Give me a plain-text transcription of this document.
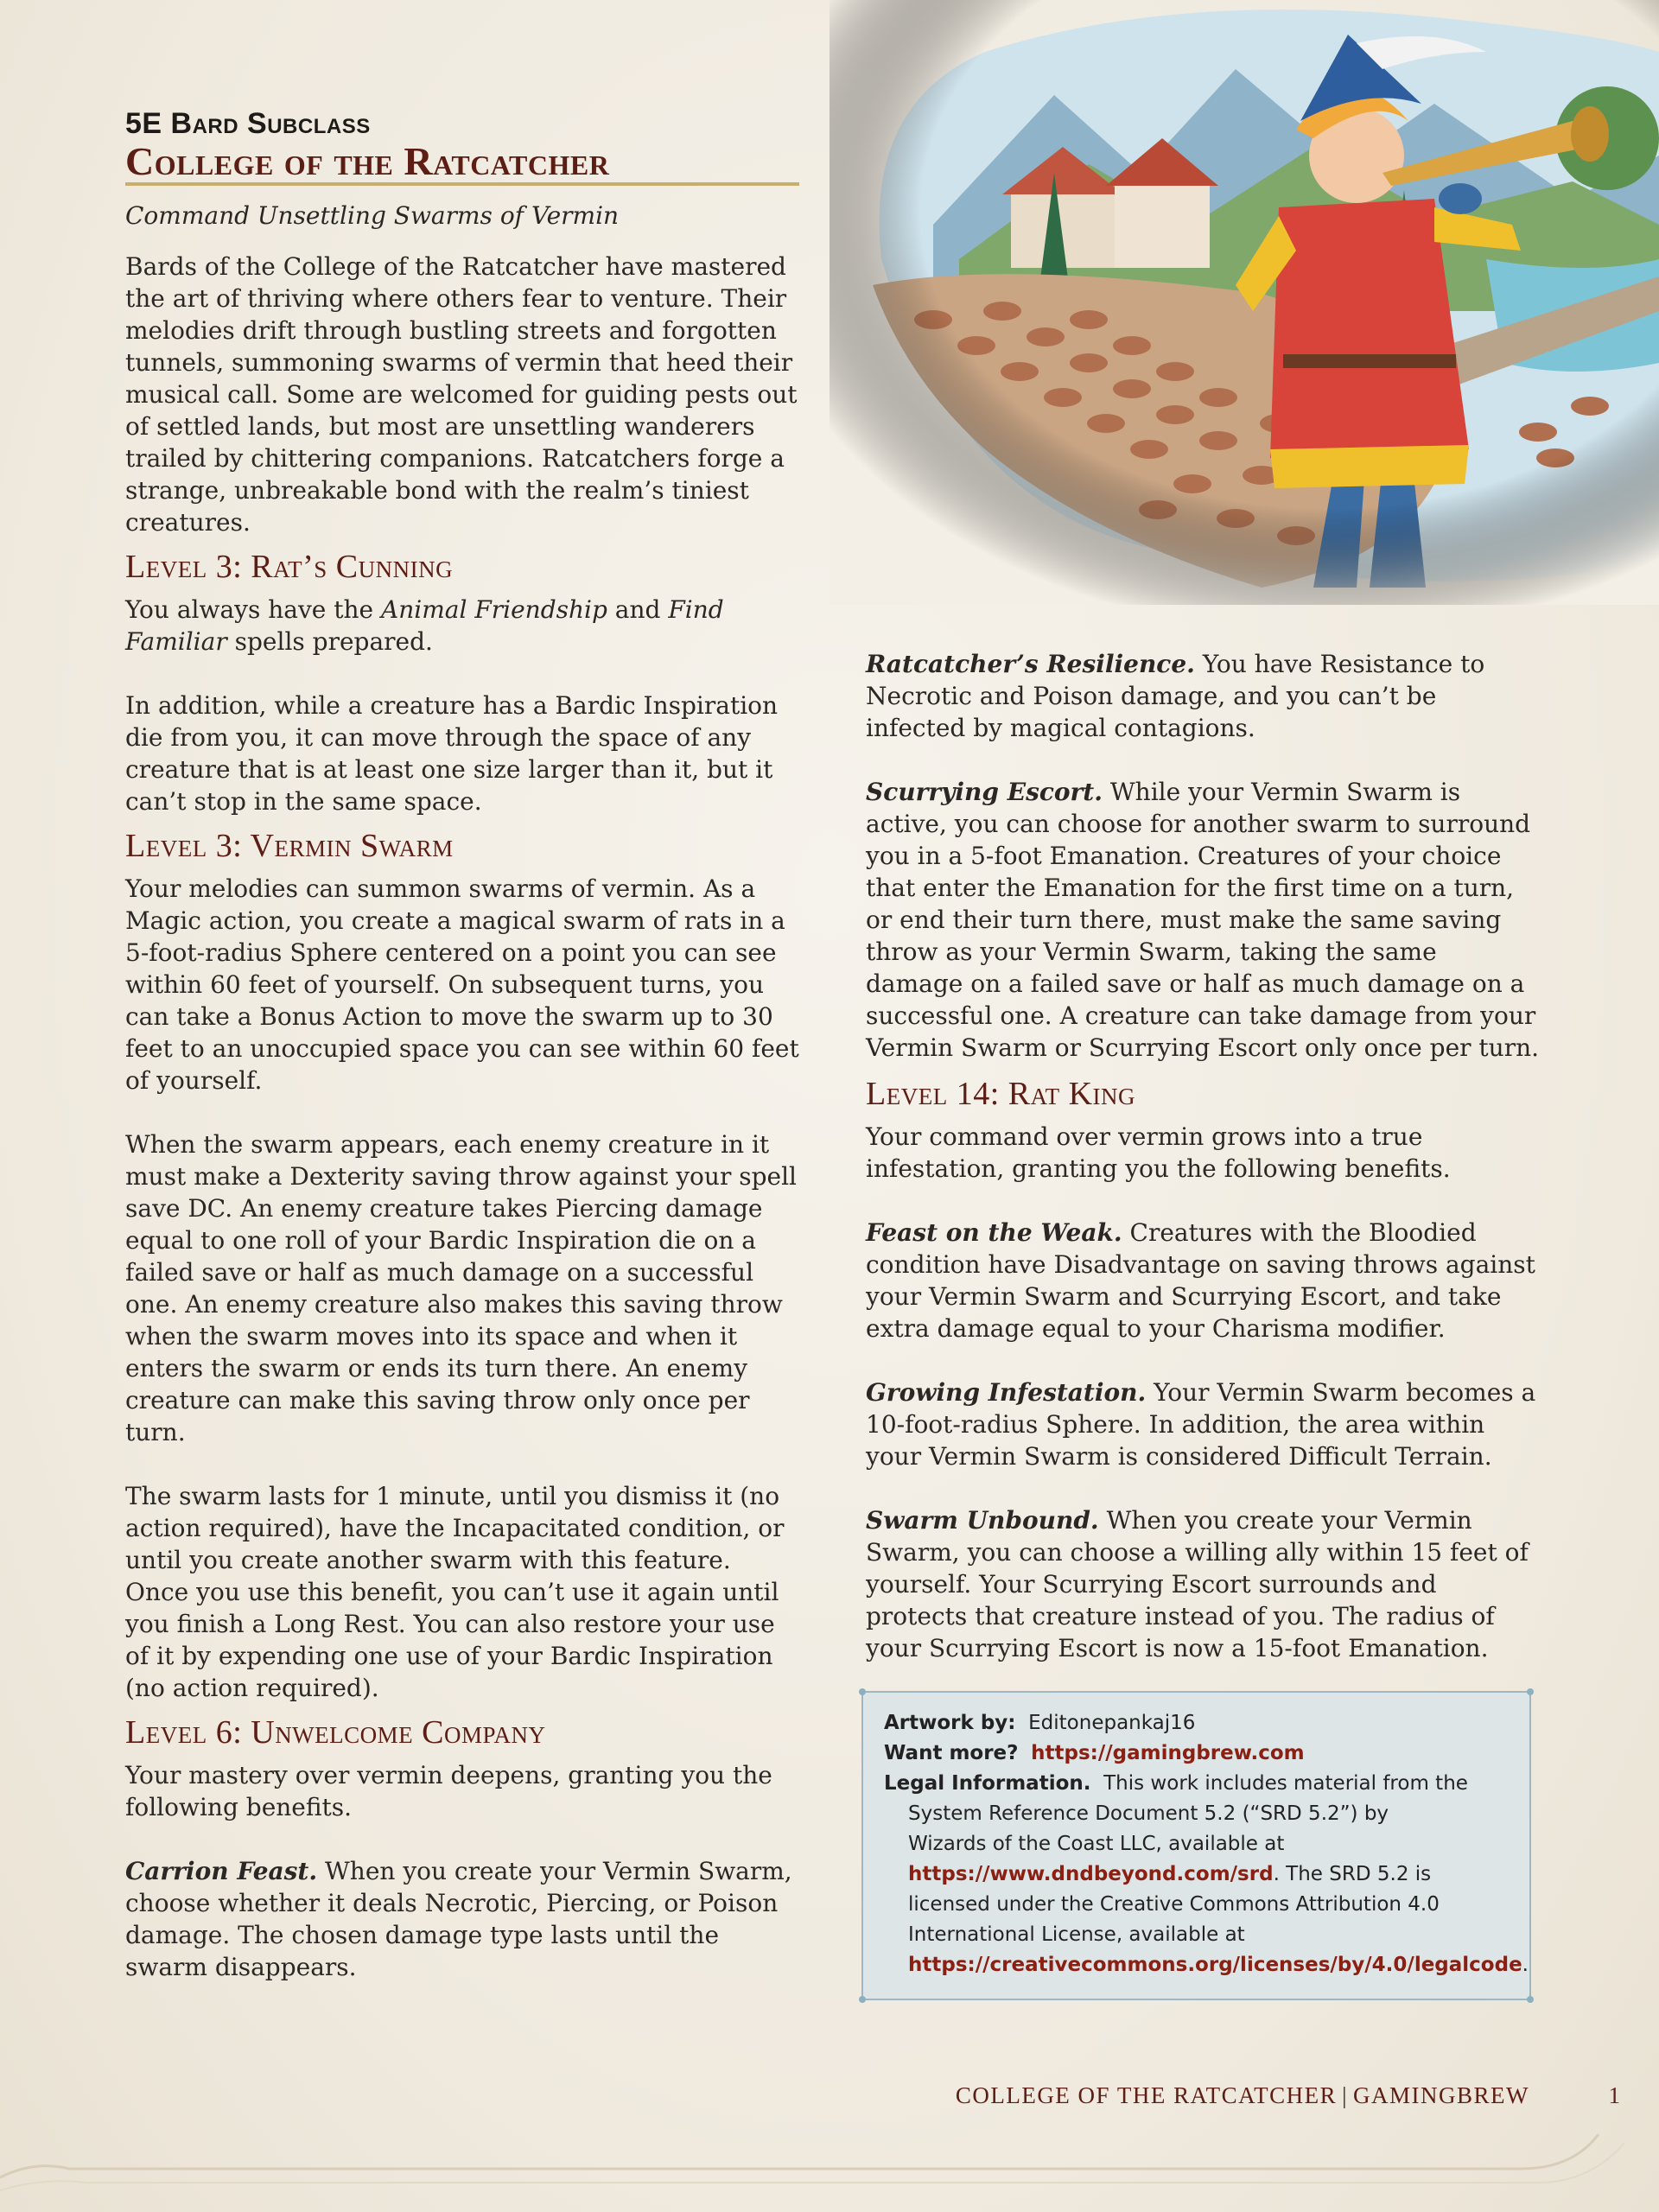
5E Bard Subclass
College of the Ratcatcher
Command Unsettling Swarms of Vermin

Bards of the College of the Ratcatcher have mastered the art of thriving where others fear to venture. Their melodies drift through bustling streets and forgotten tunnels, summoning swarms of vermin that heed their musical call. Some are welcomed for guiding pests out of settled lands, but most are unsettling wanderers trailed by chittering companions. Ratcatchers forge a strange, unbreakable bond with the realm’s tiniest creatures.

Level 3: Rat’s Cunning

You always have the Animal Friendship and Find Familiar spells prepared.

In addition, while a creature has a Bardic Inspiration die from you, it can move through the space of any creature that is at least one size larger than it, but it can’t stop in the same space.

Level 3: Vermin Swarm

Your melodies can summon swarms of vermin. As a Magic action, you create a magical swarm of rats in a 5-foot-radius Sphere centered on a point you can see within 60 feet of yourself. On subsequent turns, you can take a Bonus Action to move the swarm up to 30 feet to an unoccupied space you can see within 60 feet of yourself.

When the swarm appears, each enemy creature in it must make a Dexterity saving throw against your spell save DC. An enemy creature takes Piercing damage equal to one roll of your Bardic Inspiration die on a failed save or half as much damage on a successful one. An enemy creature also makes this saving throw when the swarm moves into its space and when it enters the swarm or ends its turn there. An enemy creature can make this saving throw only once per turn.

The swarm lasts for 1 minute, until you dismiss it (no action required), have the Incapacitated condition, or until you create another swarm with this feature. Once you use this benefit, you can’t use it again until you finish a Long Rest. You can also restore your use of it by expending one use of your Bardic Inspiration (no action required).

Level 6: Unwelcome Company

Your mastery over vermin deepens, granting you the following benefits.

Carrion Feast. When you create your Vermin Swarm, choose whether it deals Necrotic, Piercing, or Poison damage. The chosen damage type lasts until the swarm disappears.

Ratcatcher’s Resilience. You have Resistance to Necrotic and Poison damage, and you can’t be infected by magical contagions.

Scurrying Escort. While your Vermin Swarm is active, you can choose for another swarm to surround you in a 5-foot Emanation. Creatures of your choice that enter the Emanation for the first time on a turn, or end their turn there, must make the same saving throw as your Vermin Swarm, taking the same damage on a failed save or half as much damage on a successful one. A creature can take damage from your Vermin Swarm or Scurrying Escort only once per turn.

Level 14: Rat King

Your command over vermin grows into a true infestation, granting you the following benefits.

Feast on the Weak. Creatures with the Bloodied condition have Disadvantage on saving throws against your Vermin Swarm and Scurrying Escort, and take extra damage equal to your Charisma modifier.

Growing Infestation. Your Vermin Swarm becomes a 10-foot-radius Sphere. In addition, the area within your Vermin Swarm is considered Difficult Terrain.

Swarm Unbound. When you create your Vermin Swarm, you can choose a willing ally within 15 feet of yourself. Your Scurrying Escort surrounds and protects that creature instead of you. The radius of your Scurrying Escort is now a 15-foot Emanation.

Artwork by: Editonepankaj16
Want more? https://gamingbrew.com
Legal Information. This work includes material from the
System Reference Document 5.2 (“SRD 5.2”) by
Wizards of the Coast LLC, available at
https://www.dndbeyond.com/srd. The SRD 5.2 is
licensed under the Creative Commons Attribution 4.0
International License, available at
https://creativecommons.org/licenses/by/4.0/legalcode.
COLLEGE OF THE RATCATCHER | GAMINGBREW	1
